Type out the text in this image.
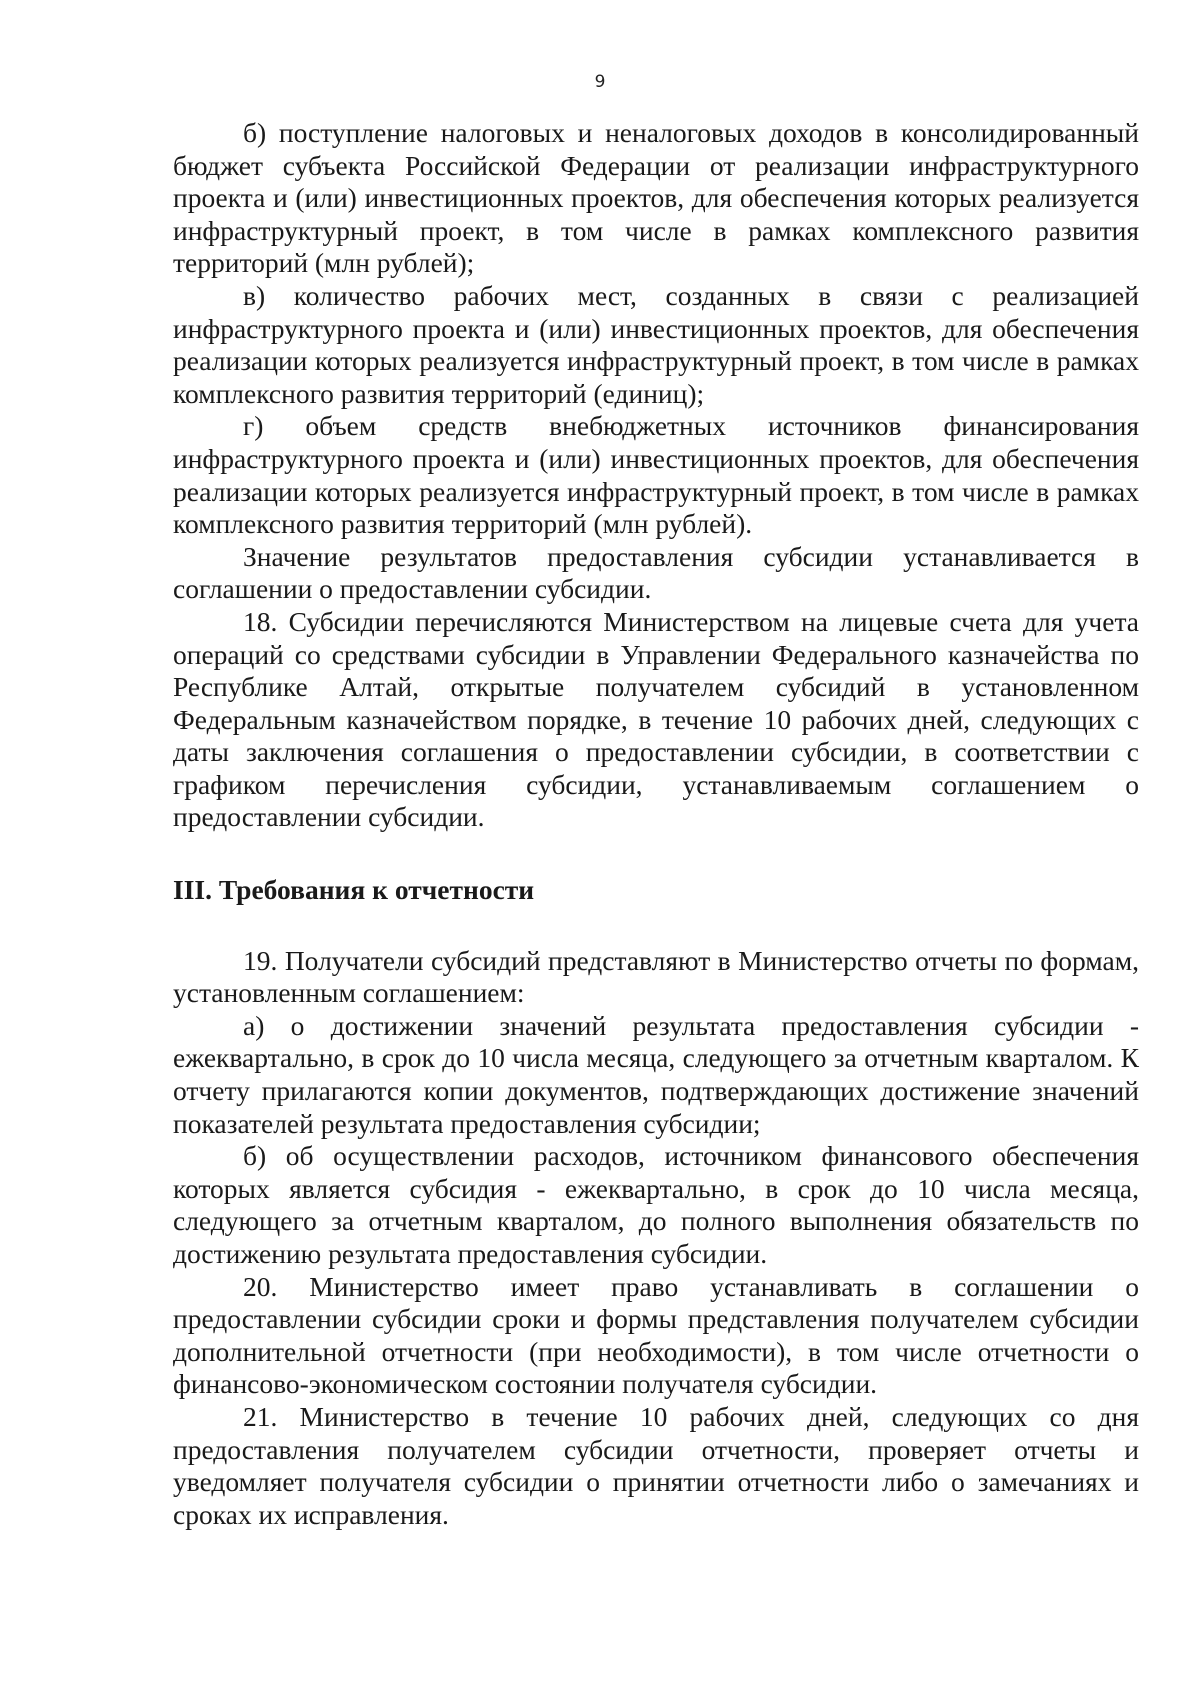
9

б) поступление налоговых и неналоговых доходов в консолидированный бюджет субъекта Российской Федерации от реализации инфраструктурного проекта и (или) инвестиционных проектов, для обеспечения которых реализуется инфраструктурный проект, в том числе в рамках комплексного развития территорий (млн рублей);

в) количество рабочих мест, созданных в связи с реализацией инфраструктурного проекта и (или) инвестиционных проектов, для обеспечения реализации которых реализуется инфраструктурный проект, в том числе в рамках комплексного развития территорий (единиц);

г) объем средств внебюджетных источников финансирования инфраструктурного проекта и (или) инвестиционных проектов, для обеспечения реализации которых реализуется инфраструктурный проект, в том числе в рамках комплексного развития территорий (млн рублей).

Значение результатов предоставления субсидии устанавливается в соглашении о предоставлении субсидии.

18. Субсидии перечисляются Министерством на лицевые счета для учета операций со средствами субсидии в Управлении Федерального казначейства по Республике Алтай, открытые получателем субсидий в установленном Федеральным казначейством порядке, в течение 10 рабочих дней, следующих с даты заключения соглашения о предоставлении субсидии, в соответствии с графиком перечисления субсидии, устанавливаемым соглашением о предоставлении субсидии.

III. Требования к отчетности

19. Получатели субсидий представляют в Министерство отчеты по формам, установленным соглашением:

а) о достижении значений результата предоставления субсидии - ежеквартально, в срок до 10 числа месяца, следующего за отчетным кварталом. К отчету прилагаются копии документов, подтверждающих достижение значений показателей результата предоставления субсидии;

б) об осуществлении расходов, источником финансового обеспечения которых является субсидия - ежеквартально, в срок до 10 числа месяца, следующего за отчетным кварталом, до полного выполнения обязательств по достижению результата предоставления субсидии.

20. Министерство имеет право устанавливать в соглашении о предоставлении субсидии сроки и формы представления получателем субсидии дополнительной отчетности (при необходимости), в том числе отчетности о финансово-экономическом состоянии получателя субсидии.

21. Министерство в течение 10 рабочих дней, следующих со дня предоставления получателем субсидии отчетности, проверяет отчеты и уведомляет получателя субсидии о принятии отчетности либо о замечаниях и сроках их исправления.
